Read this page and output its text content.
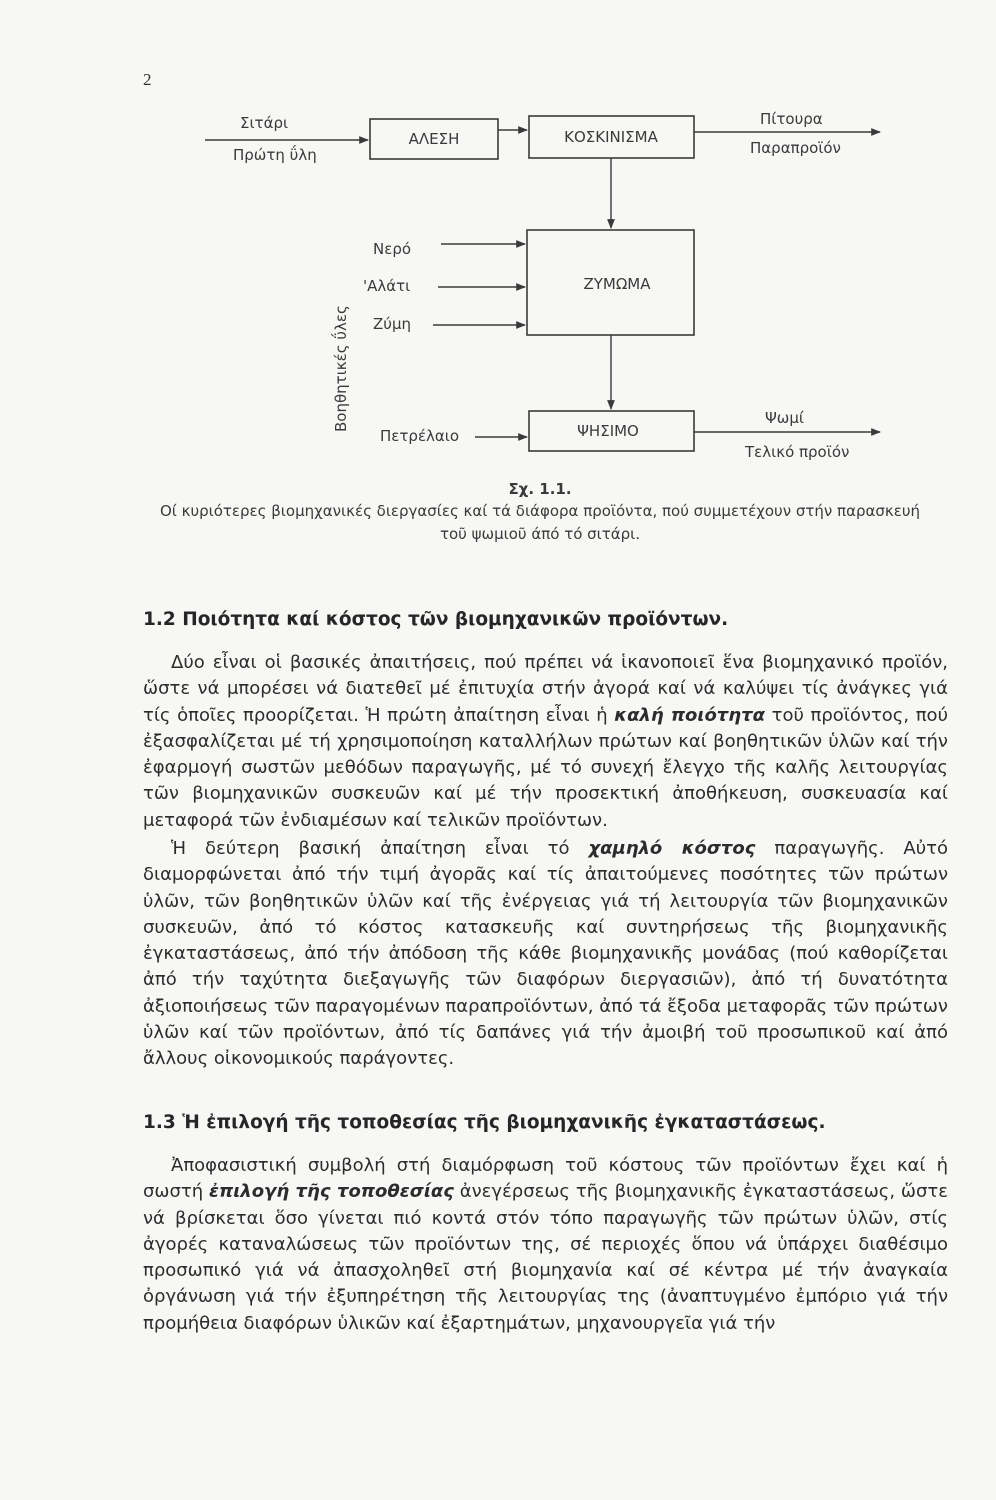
2
Σιτάρι
Πρώτη ΰλη
ΑΛΕΣΗ	ΚΟΣΚΙΝΙΣΜΑ
Πίτουρα
Παραπροϊόν
Βοηθητικές ΰλες
Νερό
'Αλάτι
Ζύμη
ΖΥΜΩΜΑ
Πετρέλαιο	ΨΗΣΙΜΟ
Ψωμί
Τελικό προϊόν
Σχ. 1.1.
Οί κυριότερες βιομηχανικές διεργασίες καί τά διάφορα προϊόντα, πού συμμετέχουν στήν παρασκευή
τοῦ ψωμιοῦ άπό τό σιτάρι.
1.2 Ποιότητα καί κόστος τῶν βιομηχανικῶν προϊόντων.
Δύο εἶναι οἱ βασικές ἀπαιτήσεις, πού πρέπει νά ἱκανοποιεῖ ἕνα βιομηχανικό προϊόν, ὥστε νά μπορέσει νά διατεθεῖ μέ ἐπιτυχία στήν ἀγορά καί νά καλύψει τίς ἀνάγκες γιά τίς ὁποῖες προορίζεται. Ἡ πρώτη ἀπαίτηση εἶναι ἡ καλή ποιότητα τοῦ προϊόντος, πού ἐξασφαλίζεται μέ τή χρησιμοποίηση καταλλήλων πρώτων καί βοηθητικῶν ὑλῶν καί τήν ἐφαρμογή σωστῶν μεθόδων παραγωγῆς, μέ τό συνεχή ἔλεγχο τῆς καλῆς λειτουργίας τῶν βιομηχανικῶν συσκευῶν καί μέ τήν προσεκτική ἀποθήκευση, συσκευασία καί μεταφορά τῶν ἐνδιαμέσων καί τελικῶν προϊόντων.
Ἡ δεύτερη βασική ἀπαίτηση εἶναι τό χαμηλό κόστος παραγωγῆς. Αὐτό διαμορφώνεται ἀπό τήν τιμή ἀγορᾶς καί τίς ἀπαιτούμενες ποσότητες τῶν πρώτων ὑλῶν, τῶν βοηθητικῶν ὑλῶν καί τῆς ἐνέργειας γιά τή λειτουργία τῶν βιομηχανικῶν συσκευῶν, ἀπό τό κόστος κατασκευῆς καί συντηρήσεως τῆς βιομηχανικῆς ἐγκαταστάσεως, ἀπό τήν ἀπόδοση τῆς κάθε βιομηχανικῆς μονάδας (πού καθορίζεται ἀπό τήν ταχύτητα διεξαγωγῆς τῶν διαφόρων διεργασιῶν), ἀπό τή δυνατότητα ἀξιοποιήσεως τῶν παραγομένων παραπροϊόντων, ἀπό τά ἔξοδα μεταφορᾶς τῶν πρώτων ὑλῶν καί τῶν προϊόντων, ἀπό τίς δαπάνες γιά τήν ἀμοιβή τοῦ προσωπικοῦ καί ἀπό ἄλλους οἰκονομικούς παράγοντες.
1.3 Ἡ ἐπιλογή τῆς τοποθεσίας τῆς βιομηχανικῆς ἐγκαταστάσεως.
Ἀποφασιστική συμβολή στή διαμόρφωση τοῦ κόστους τῶν προϊόντων ἔχει καί ἡ σωστή ἐπιλογή τῆς τοποθεσίας ἀνεγέρσεως τῆς βιομηχανικῆς ἐγκαταστάσεως, ὥστε νά βρίσκεται ὅσο γίνεται πιό κοντά στόν τόπο παραγωγῆς τῶν πρώτων ὑλῶν, στίς ἀγορές καταναλώσεως τῶν προϊόντων της, σέ περιοχές ὅπου νά ὑπάρχει διαθέσιμο προσωπικό γιά νά ἀπασχοληθεῖ στή βιομηχανία καί σέ κέντρα μέ τήν ἀναγκαία ὀργάνωση γιά τήν ἐξυπηρέτηση τῆς λειτουργίας της (ἀναπτυγμένο ἐμπόριο γιά τήν προμήθεια διαφόρων ὑλικῶν καί ἐξαρτημάτων, μηχανουργεῖα γιά τήν
